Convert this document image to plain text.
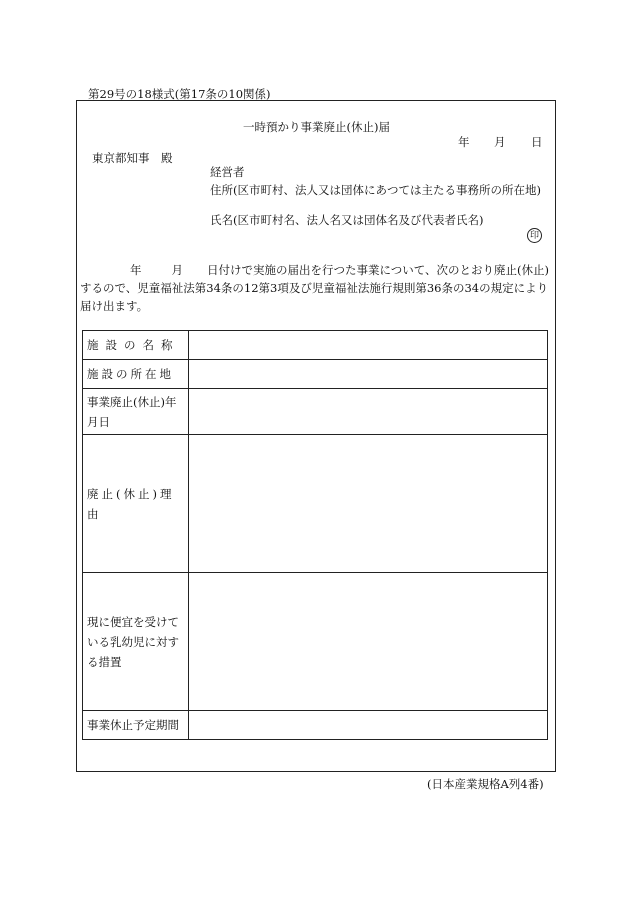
第29号の18様式(第17条の10関係)
一時預かり事業廃止(休止)届
年 月 日
東京都知事　殿
経営者
住所(区市町村、法人又は団体にあつては主たる事務所の所在地)
氏名(区市町村名、法人名又は団体名及び代表者氏名)
印
年	月 日付けで実施の届出を行つた事業について、次のとおり廃止(休止)するので、児童福祉法第34条の12第3項及び児童福祉法施行規則第36条の34の規定により届け出ます。
施設の名称	
施設の所在地	
事業廃止(休止)年月日	
廃止(休止)理由	
現に便宜を受けている乳幼児に対する措置	
事業休止予定期間	
(日本産業規格A列4番)
